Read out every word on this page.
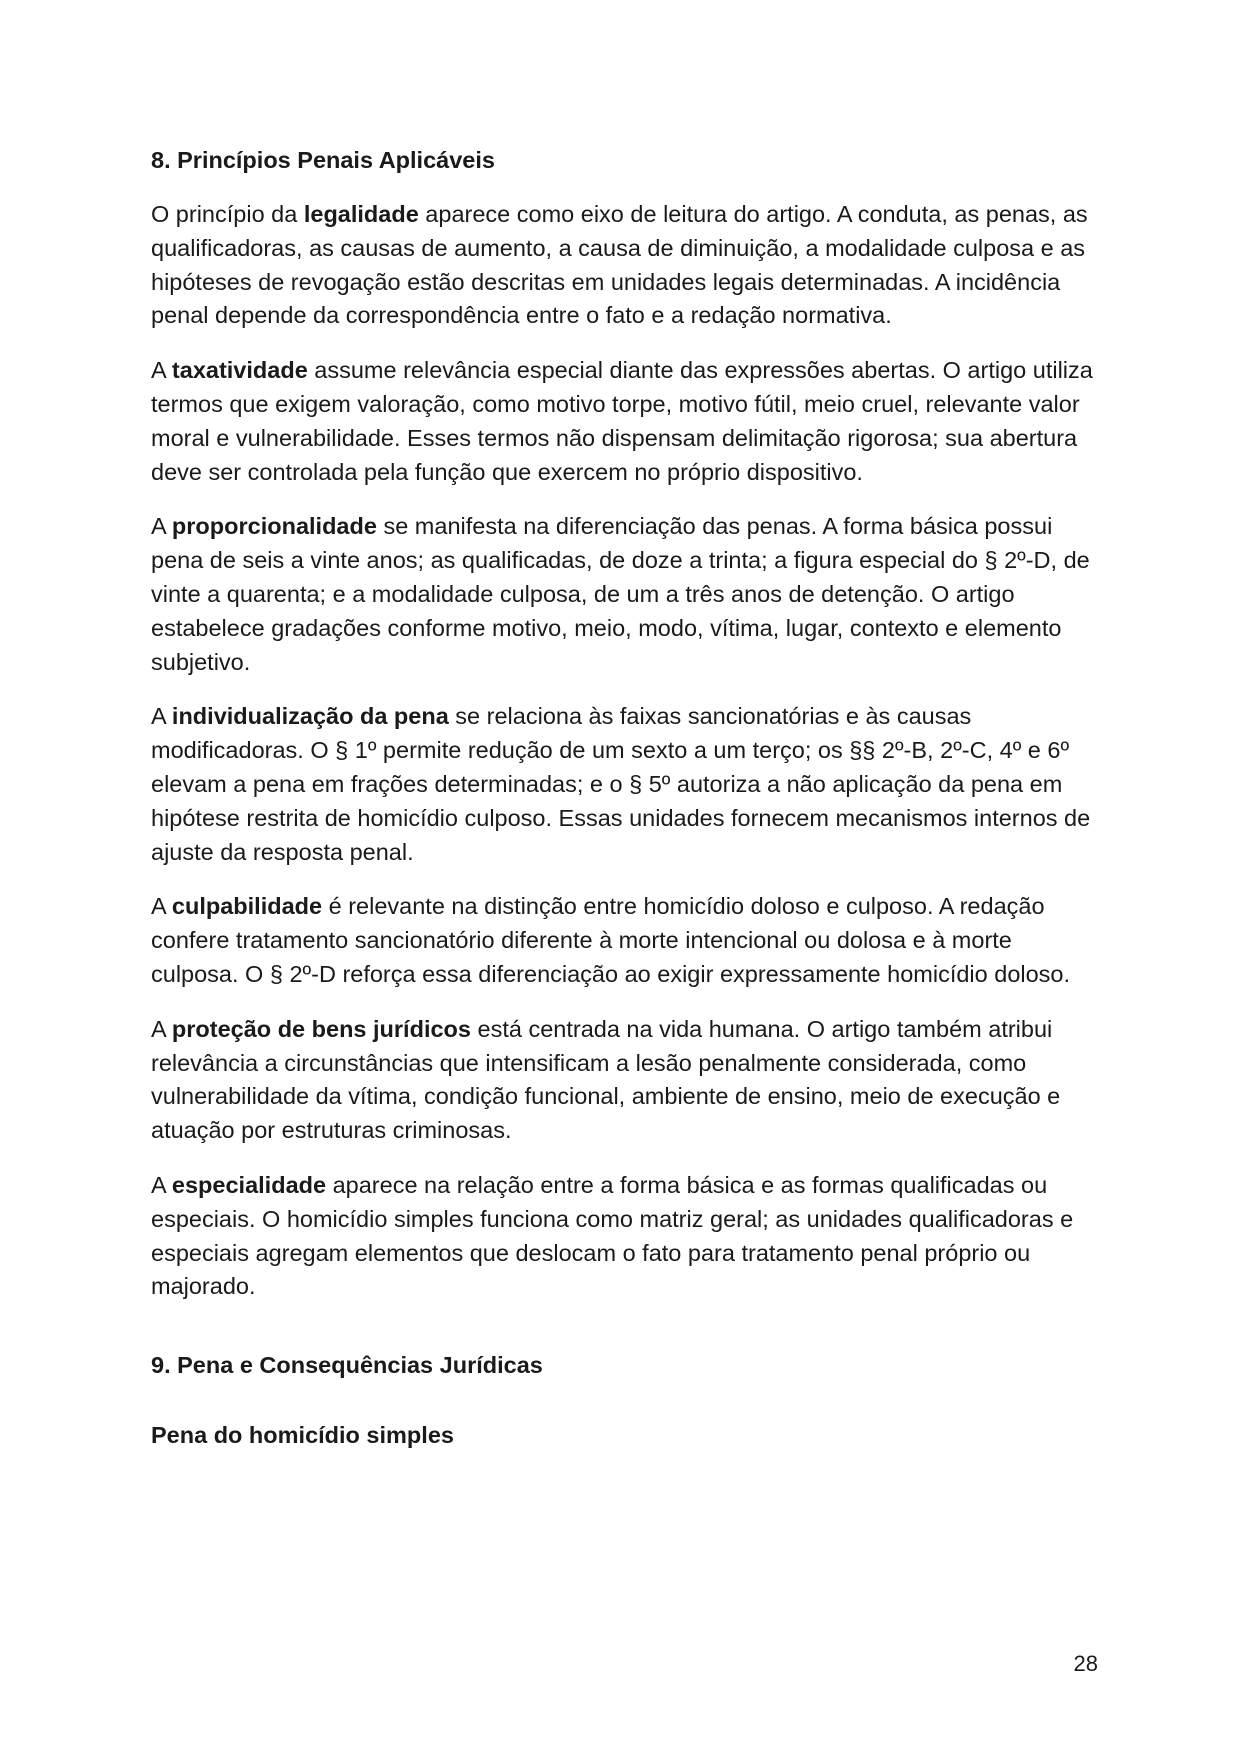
8. Princípios Penais Aplicáveis

O princípio da legalidade aparece como eixo de leitura do artigo. A conduta, as penas, as qualificadoras, as causas de aumento, a causa de diminuição, a modalidade culposa e as hipóteses de revogação estão descritas em unidades legais determinadas. A incidência penal depende da correspondência entre o fato e a redação normativa.

A taxatividade assume relevância especial diante das expressões abertas. O artigo utiliza termos que exigem valoração, como motivo torpe, motivo fútil, meio cruel, relevante valor moral e vulnerabilidade. Esses termos não dispensam delimitação rigorosa; sua abertura deve ser controlada pela função que exercem no próprio dispositivo.

A proporcionalidade se manifesta na diferenciação das penas. A forma básica possui pena de seis a vinte anos; as qualificadas, de doze a trinta; a figura especial do § 2º-D, de vinte a quarenta; e a modalidade culposa, de um a três anos de detenção. O artigo estabelece gradações conforme motivo, meio, modo, vítima, lugar, contexto e elemento subjetivo.

A individualização da pena se relaciona às faixas sancionatórias e às causas modificadoras. O § 1º permite redução de um sexto a um terço; os §§ 2º-B, 2º-C, 4º e 6º elevam a pena em frações determinadas; e o § 5º autoriza a não aplicação da pena em hipótese restrita de homicídio culposo. Essas unidades fornecem mecanismos internos de ajuste da resposta penal.

A culpabilidade é relevante na distinção entre homicídio doloso e culposo. A redação confere tratamento sancionatório diferente à morte intencional ou dolosa e à morte culposa. O § 2º-D reforça essa diferenciação ao exigir expressamente homicídio doloso.

A proteção de bens jurídicos está centrada na vida humana. O artigo também atribui relevância a circunstâncias que intensificam a lesão penalmente considerada, como vulnerabilidade da vítima, condição funcional, ambiente de ensino, meio de execução e atuação por estruturas criminosas.

A especialidade aparece na relação entre a forma básica e as formas qualificadas ou especiais. O homicídio simples funciona como matriz geral; as unidades qualificadoras e especiais agregam elementos que deslocam o fato para tratamento penal próprio ou majorado.

9. Pena e Consequências Jurídicas
Pena do homicídio simples
28
